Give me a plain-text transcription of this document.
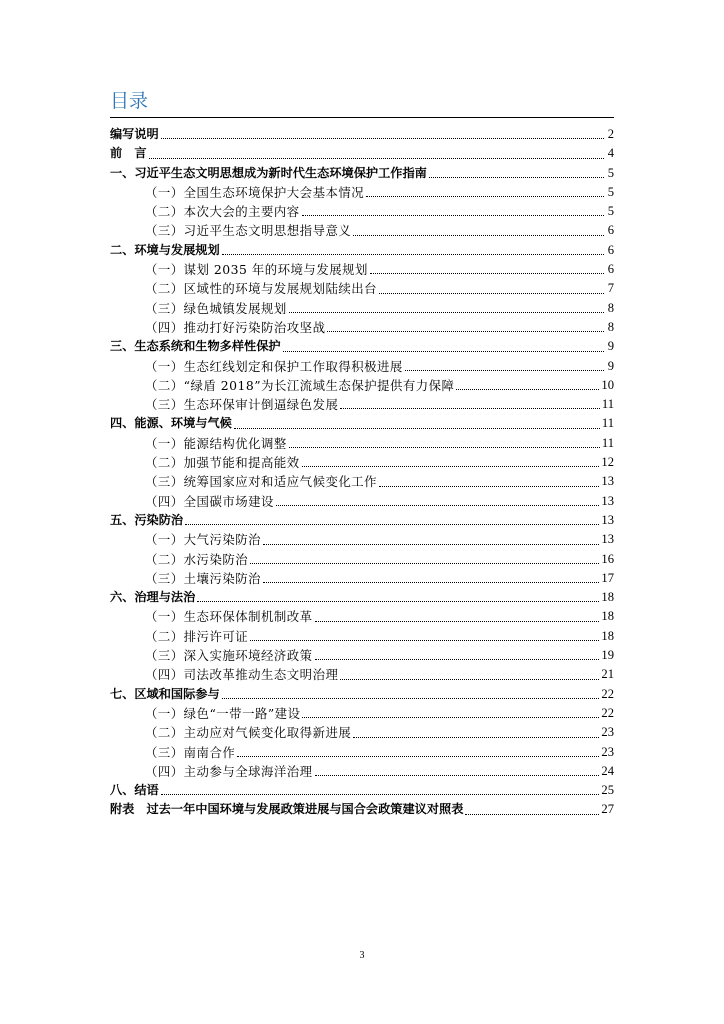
目录
编写说明	2
前　言	4
一、习近平生态文明思想成为新时代生态环境保护工作指南	5
（一）全国生态环境保护大会基本情况	5
（二）本次大会的主要内容	5
（三）习近平生态文明思想指导意义	6
二、环境与发展规划	6
（一）谋划 2035 年的环境与发展规划	6
（二）区域性的环境与发展规划陆续出台	7
（三）绿色城镇发展规划	8
（四）推动打好污染防治攻坚战	8
三、生态系统和生物多样性保护	9
（一）生态红线划定和保护工作取得积极进展	9
（二）“绿盾 2018”为长江流域生态保护提供有力保障	10
（三）生态环保审计倒逼绿色发展	11
四、能源、环境与气候	11
（一）能源结构优化调整	11
（二）加强节能和提高能效	12
（三）统筹国家应对和适应气候变化工作	13
（四）全国碳市场建设	13
五、污染防治	13
（一）大气污染防治	13
（二）水污染防治	16
（三）土壤污染防治	17
六、治理与法治	18
（一）生态环保体制机制改革	18
（二）排污许可证	18
（三）深入实施环境经济政策	19
（四）司法改革推动生态文明治理	21
七、区域和国际参与	22
（一）绿色“一带一路”建设	22
（二）主动应对气候变化取得新进展	23
（三）南南合作	23
（四）主动参与全球海洋治理	24
八、结语	25
附表　过去一年中国环境与发展政策进展与国合会政策建议对照表	27
3
